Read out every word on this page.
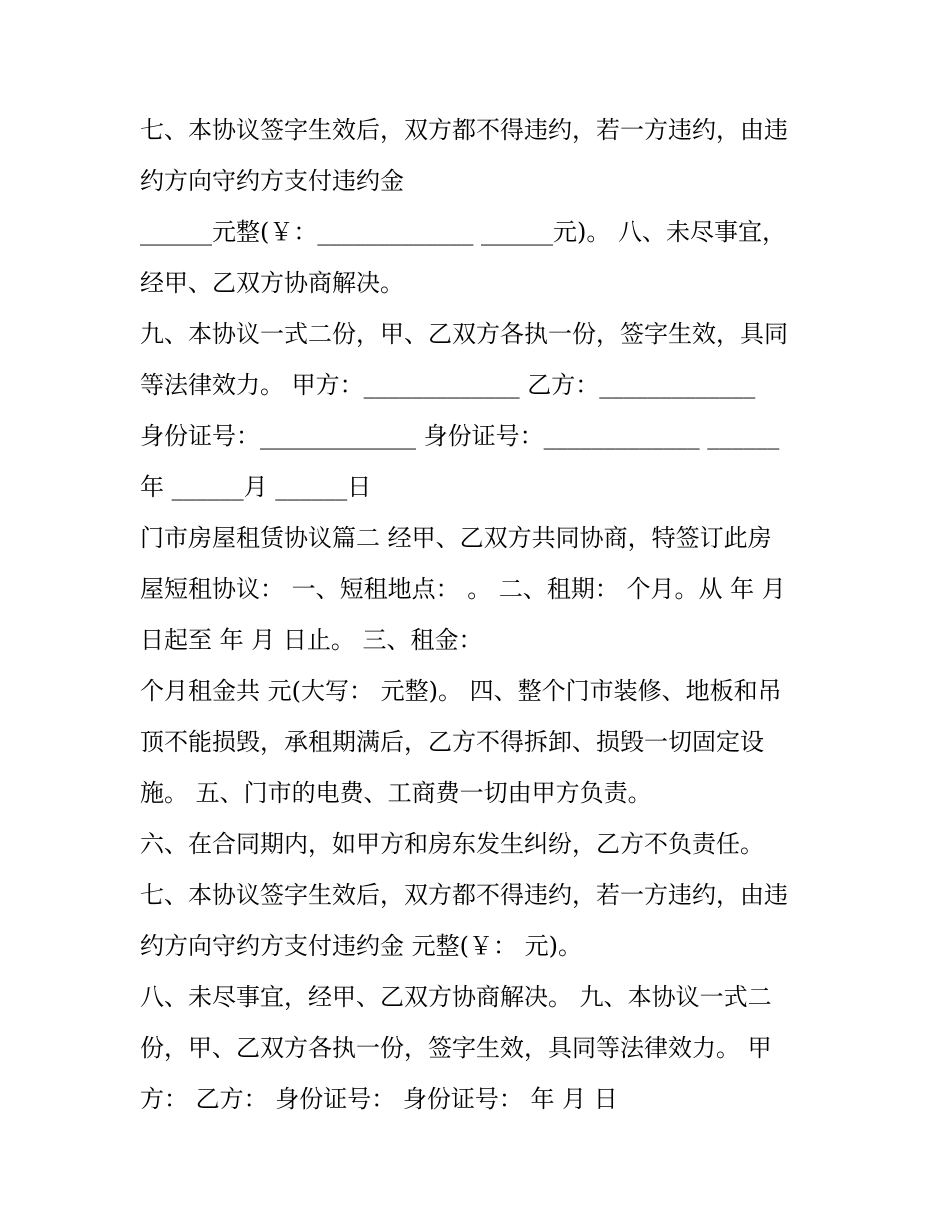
七、本协议签字生效后，双方都不得违约，若一方违约，由违
约方向守约方支付违约金
______元整(￥：_____________ ______元)。 八、未尽事宜，
经甲、乙双方协商解决。
九、本协议一式二份，甲、乙双方各执一份，签字生效，具同
等法律效力。 甲方：_____________ 乙方：_____________
身份证号：_____________ 身份证号：_____________ ______
年 ______月 ______日
门市房屋租赁协议篇二 经甲、乙双方共同协商，特签订此房
屋短租协议： 一、短租地点： 。 二、租期： 个月。从 年 月
日起至 年 月 日止。 三、租金：
个月租金共 元(大写： 元整)。 四、整个门市装修、地板和吊
顶不能损毁，承租期满后，乙方不得拆卸、损毁一切固定设
施。 五、门市的电费、工商费一切由甲方负责。
六、在合同期内，如甲方和房东发生纠纷，乙方不负责任。
七、本协议签字生效后，双方都不得违约，若一方违约，由违
约方向守约方支付违约金 元整(￥： 元)。
八、未尽事宜，经甲、乙双方协商解决。 九、本协议一式二
份，甲、乙双方各执一份，签字生效，具同等法律效力。 甲
方： 乙方： 身份证号： 身份证号： 年 月 日
